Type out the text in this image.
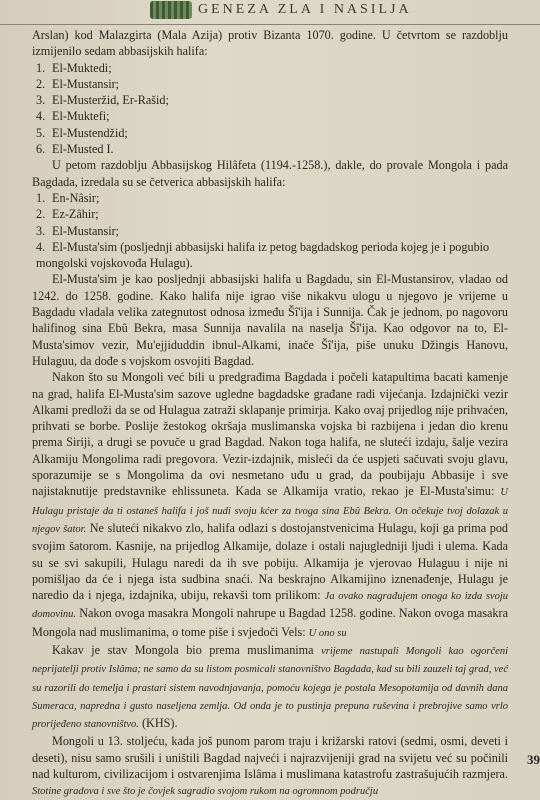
GENEZA ZLA I NASILJA

Arslan) kod Malazgirta (Mala Azija) protiv Bizanta 1070. godine. U četvrtom se razdoblju izmijenilo sedam abbasijskih halifa:

1. El-Muktedi;
2. El-Mustansir;
3. El-Musteržid, Er-Rašid;
4. El-Muktefi;
5. El-Mustendžid;
6. El-Musted I.

U petom razdoblju Abbasijskog Hilâfeta (1194.-1258.), dakle, do provale Mongola i pada Bagdada, izredala su se četverica abbasijskih halifa:

1. En-Nâsir;
2. Ez-Zâhir;
3. El-Mustansir;
4. El-Musta'sim (posljednji abbasijski halifa iz petog bagdadskog perioda kojeg je i pogubio mongolski vojskovođa Hulagu).

El-Musta'sim je kao posljednji abbasijski halifa u Bagdadu, sin El-Mustansirov, vladao od 1242. do 1258. godine. Kako halifa nije igrao više nikakvu ulogu u njegovo je vrijeme u Bagdadu vladala velika zategnutost odnosa između Šî'ija i Sunnija. Čak je jednom, po nagovoru halifinog sina Ebû Bekra, masa Sunnija navalila na naselja Šî'ija. Kao odgovor na to, El-Musta'simov vezir, Mu'ejjiduddin ibnul-Alkami, inače Šî'ija, piše unuku Džingis Hanovu, Hulaguu, da dođe s vojskom osvojiti Bagdad.

Nakon što su Mongoli već bili u predgrađima Bagdada i počeli katapultima bacati kamenje na grad, halifa El-Musta'sim sazove ugledne bagdadske građane radi vijećanja. Izdajnički vezir Alkami predloži da se od Hulagua zatraži sklapanje primirja. Kako ovaj prijedlog nije prihvaćen, prihvati se borbe. Poslije žestokog okršaja muslimanska vojska bi razbijena i jedan dio krenu prema Siriji, a drugi se povuče u grad Bagdad. Nakon toga halifa, ne sluteći izdaju, šalje vezira Alkamiju Mongolima radi pregovora. Vezir-izdajnik, misleći da će uspjeti sačuvati svoju glavu, sporazumije se s Mongolima da ovi nesmetano uđu u grad, da poubijaju Abbasije i sve najistaknutije predstavnike ehlissuneta. Kada se Alkamija vratio, rekao je El-Musta'simu: U Hulagu pristaje da ti ostaneš halifa i još nudi svoju kćer za tvoga sina Ebû Bekra. On očekuje tvoj dolazak u njegov šator. Ne sluteći nikakvo zlo, halifa odlazi s dostojanstvenicima Hulagu, koji ga prima pod svojim šatorom. Kasnije, na prijedlog Alkamije, dolaze i ostali najugledniji ljudi i ulema. Kada su se svi sakupili, Hulagu naredi da ih sve pobiju. Alkamija je vjerovao Hulaguu i nije ni pomišljao da će i njega ista sudbina snaći. Na beskrajno Alkamijino iznenađenje, Hulagu je naredio da i njega, izdajnika, ubiju, rekavši tom prilikom: Ja ovako nagrađujem onoga ko izda svoju domovinu. Nakon ovoga masakra Mongoli nahrupe u Bagdad 1258. godine. Nakon ovoga masakra Mongola nad muslimanima, o tome piše i svjedoči Vels: U ono su

Kakav je stav Mongola bio prema muslimanima vrijeme nastupali Mongoli kao ogorčeni neprijatelji protiv Islâma; ne samo da su listom posmicali stanovništvo Bagdada, kad su bili zauzeli taj grad, već su razorili do temelja i prastari sistem navodnjavanja, pomoću kojega je postala Mesopotamija od davnih dana Sumeraca, naprednа i gusto naseljena zemlja. Od onda je to pustinja prepuna ruševina i prebrojive samo vrlo prorijeđeno stanovništvo. (KHS).

Mongoli u 13. stoljeću, kada još punom parom traju i križarski ratovi (sedmi, osmi, deveti i deseti), nisu samo srušili i uništili Bagdad najveći i najrazvijeniji grad na svijetu već su počinili nad kulturom, civilizacijom i ostvarenjima Islâma i muslimana katastrofu zastrašujućih razmjera. Stotine gradova i sve što je čovjek sagradio svojom rukom na ogromnom području

39
